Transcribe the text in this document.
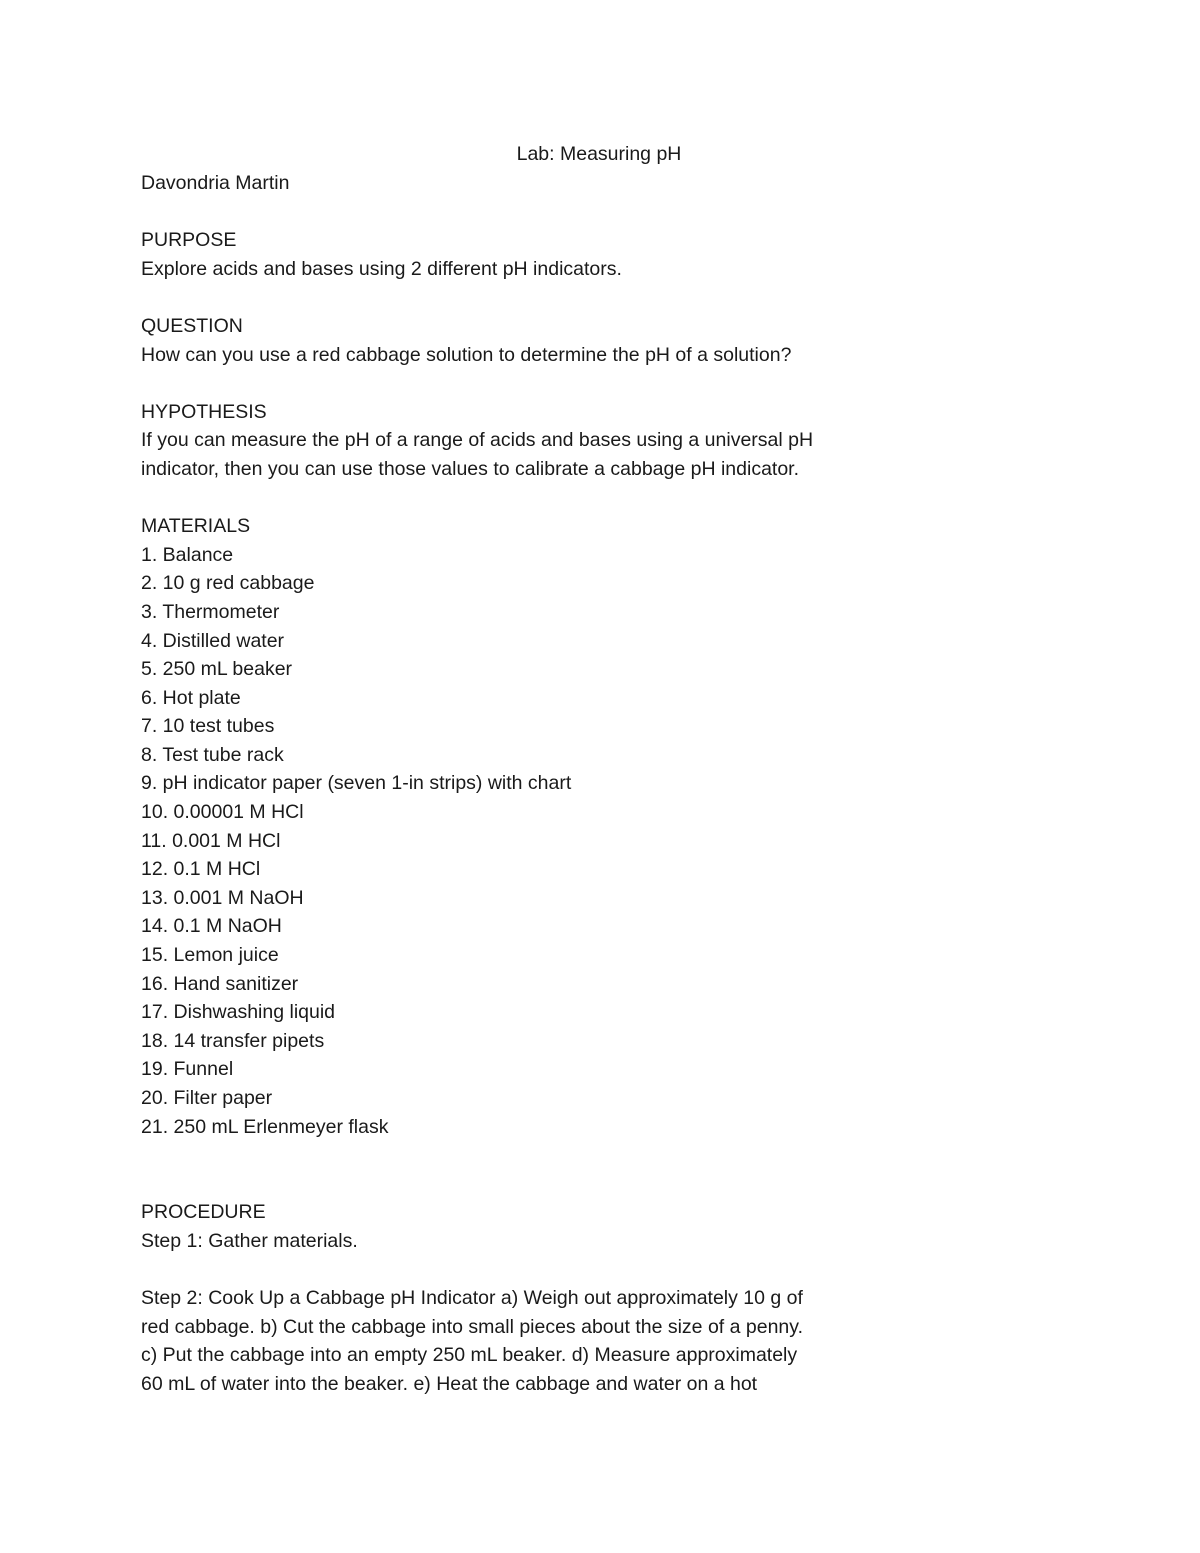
Lab: Measuring pH
Davondria Martin
PURPOSE
Explore acids and bases using 2 different pH indicators.
QUESTION
How can you use a red cabbage solution to determine the pH of a solution?
HYPOTHESIS
If you can measure the pH of a range of acids and bases using a universal pH
indicator, then you can use those values to calibrate a cabbage pH indicator.
MATERIALS
1. Balance
2. 10 g red cabbage
3. Thermometer
4. Distilled water
5. 250 mL beaker
6. Hot plate
7. 10 test tubes
8. Test tube rack
9. pH indicator paper (seven 1-in strips) with chart
10. 0.00001 M HCl
11. 0.001 M HCl
12. 0.1 M HCl
13. 0.001 M NaOH
14. 0.1 M NaOH
15. Lemon juice
16. Hand sanitizer
17. Dishwashing liquid
18. 14 transfer pipets
19. Funnel
20. Filter paper
21. 250 mL Erlenmeyer flask
PROCEDURE
Step 1: Gather materials.
Step 2: Cook Up a Cabbage pH Indicator a) Weigh out approximately 10 g of
red cabbage. b) Cut the cabbage into small pieces about the size of a penny.
c) Put the cabbage into an empty 250 mL beaker. d) Measure approximately
60 mL of water into the beaker. e) Heat the cabbage and water on a hot
